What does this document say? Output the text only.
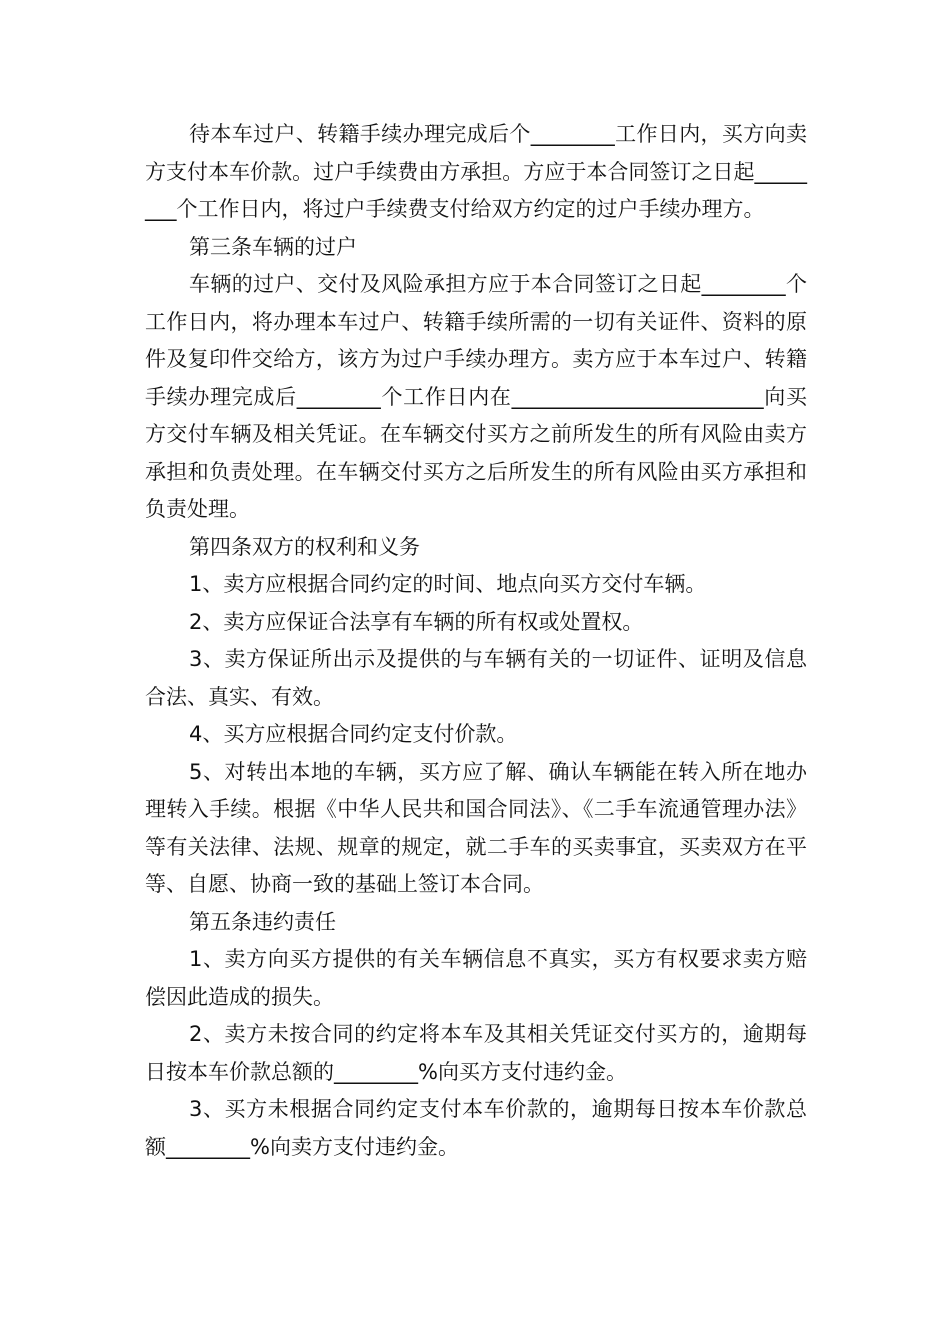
待本车过户、转籍手续办理完成后个________工作日内，买方向卖方支付本车价款。过户手续费由方承担。方应于本合同签订之日起________个工作日内，将过户手续费支付给双方约定的过户手续办理方。

第三条车辆的过户

车辆的过户、交付及风险承担方应于本合同签订之日起________个工作日内，将办理本车过户、转籍手续所需的一切有关证件、资料的原件及复印件交给方，该方为过户手续办理方。卖方应于本车过户、转籍手续办理完成后________个工作日内在________________________向买方交付车辆及相关凭证。在车辆交付买方之前所发生的所有风险由卖方承担和负责处理。在车辆交付买方之后所发生的所有风险由买方承担和负责处理。

第四条双方的权利和义务

1、卖方应根据合同约定的时间、地点向买方交付车辆。

2、卖方应保证合法享有车辆的所有权或处置权。

3、卖方保证所出示及提供的与车辆有关的一切证件、证明及信息合法、真实、有效。

4、买方应根据合同约定支付价款。

5、对转出本地的车辆，买方应了解、确认车辆能在转入所在地办理转入手续。根据《中华人民共和国合同法》、《二手车流通管理办法》等有关法律、法规、规章的规定，就二手车的买卖事宜，买卖双方在平等、自愿、协商一致的基础上签订本合同。

第五条违约责任

1、卖方向买方提供的有关车辆信息不真实，买方有权要求卖方赔偿因此造成的损失。

2、卖方未按合同的约定将本车及其相关凭证交付买方的，逾期每日按本车价款总额的________%向买方支付违约金。

3、买方未根据合同约定支付本车价款的，逾期每日按本车价款总额________%向卖方支付违约金。
